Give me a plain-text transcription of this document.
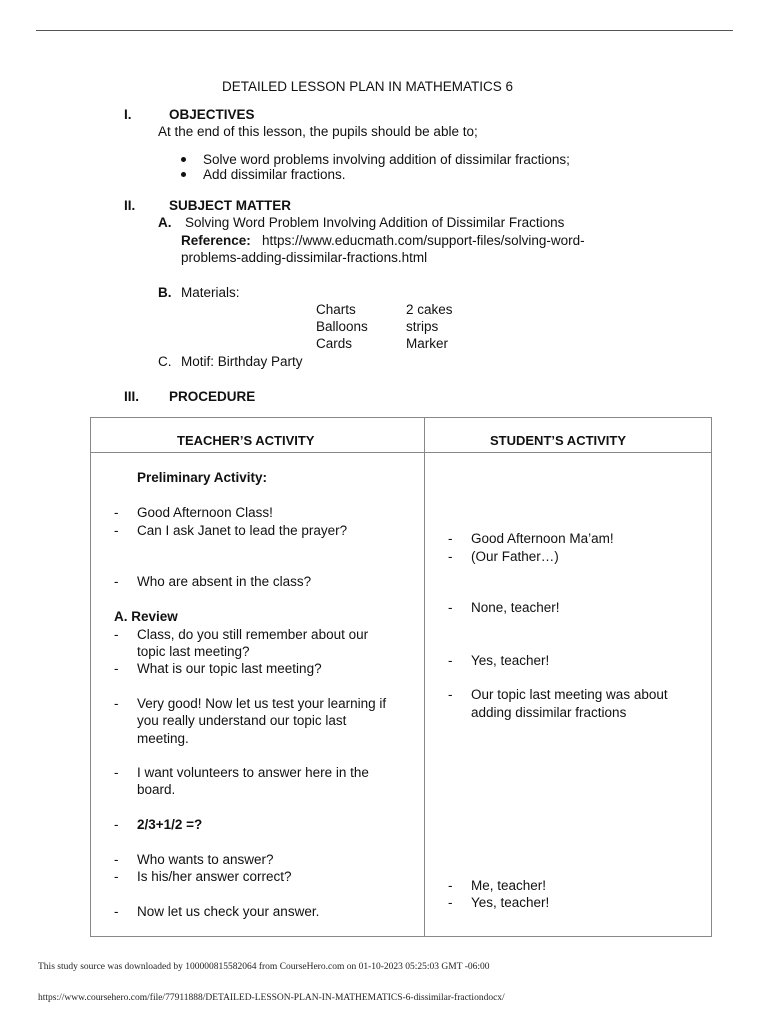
DETAILED LESSON PLAN IN MATHEMATICS 6
I.	OBJECTIVES
At the end of this lesson, the pupils should be able to;
Solve word problems involving addition of dissimilar fractions;
Add dissimilar fractions.
II. SUBJECT MATTER
A. Solving Word Problem Involving Addition of Dissimilar Fractions
Reference: https://www.educmath.com/support-files/solving-word-
problems-adding-dissimilar-fractions.html
B. Materials:
Charts
Balloons
Cards
2 cakes
strips
Marker
C. Motif: Birthday Party
III. PROCEDURE
TEACHER’S ACTIVITY	STUDENT’S ACTIVITY
Preliminary Activity:
- Good Afternoon Class!
- Can I ask Janet to lead the prayer?
- Who are absent in the class?
A. Review
- Class, do you still remember about our
topic last meeting?
- What is our topic last meeting?
- Very good! Now let us test your learning if
you really understand our topic last
meeting.
- I want volunteers to answer here in the
board.
- 2/3+1/2 =?
- Who wants to answer?
- Is his/her answer correct?
- Now let us check your answer.
- Good Afternoon Ma’am!
- (Our Father…)
- None, teacher!
- Yes, teacher!
- Our topic last meeting was about
adding dissimilar fractions
- Me, teacher!
- Yes, teacher!
This study source was downloaded by 100000815582064 from CourseHero.com on 01-10-2023 05:25:03 GMT -06:00
https://www.coursehero.com/file/77911888/DETAILED-LESSON-PLAN-IN-MATHEMATICS-6-dissimilar-fractiondocx/
